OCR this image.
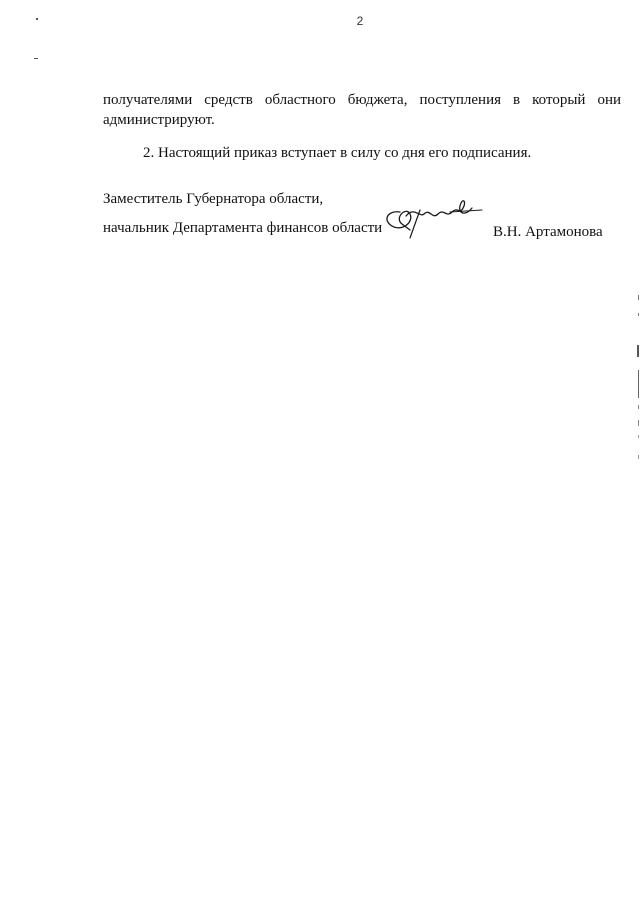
2
получателями средств областного бюджета, поступления в который они администрируют.
2. Настоящий приказ вступает в силу со дня его подписания.
Заместитель Губернатора области,
начальник Департамента финансов области	В.Н. Артамонова
